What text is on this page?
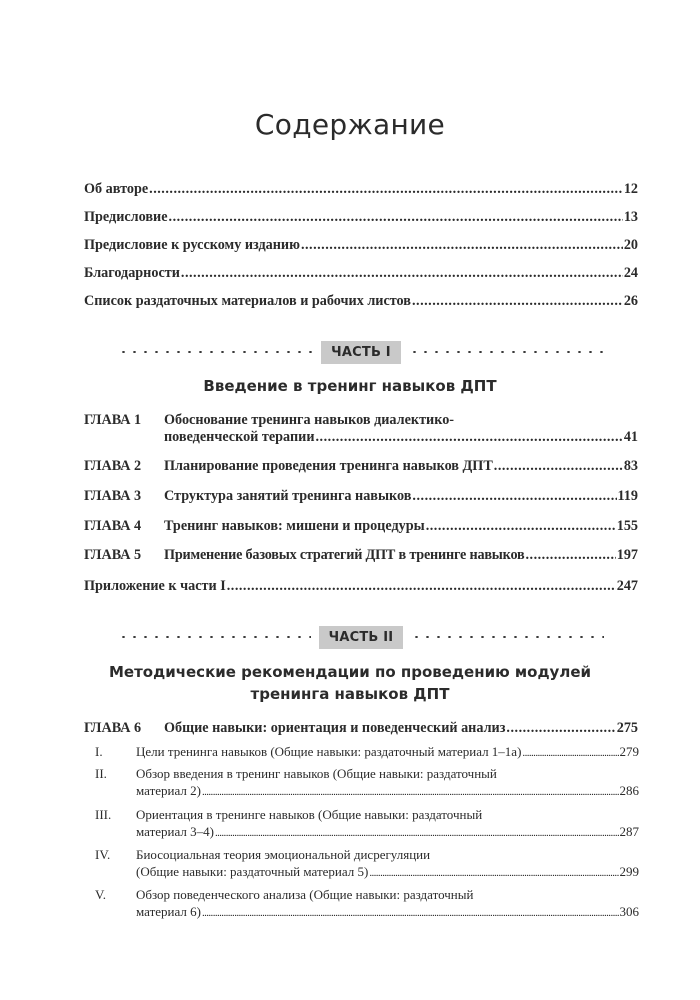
Содержание
Об авторе .....	12
Предисловие .....	13
Предисловие к русскому изданию .....	20
Благодарности .....	24
Список раздаточных материалов и рабочих листов .....	26
ЧАСТЬ I
Введение в тренинг навыков ДПТ
ГЛАВА 1 Обоснование тренинга навыков диалектико-
поведенческой терапии .....	41
ГЛАВА 2	Планирование проведения тренинга навыков ДПТ .....	83
ГЛАВА 3	Структура занятий тренинга навыков .....	119
ГЛАВА 4	Тренинг навыков: мишени и процедуры .....	155
ГЛАВА 5	Применение базовых стратегий ДПТ в тренинге навыков .....	197
Приложение к части I .....	247
ЧАСТЬ II
Методические рекомендации по проведению модулей
тренинга навыков ДПТ
ГЛАВА 6	Общие навыки: ориентация и поведенческий анализ .....	275
I.	Цели тренинга навыков (Общие навыки: раздаточный материал 1–1а) .....	279
II. Обзор введения в тренинг навыков (Общие навыки: раздаточный
материал 2) .....	286
III. Ориентация в тренинге навыков (Общие навыки: раздаточный
материал 3–4) .....	287
IV. Биосоциальная теория эмоциональной дисрегуляции
(Общие навыки: раздаточный материал 5) .....	299
V. Обзор поведенческого анализа (Общие навыки: раздаточный
материал 6) .....	306
